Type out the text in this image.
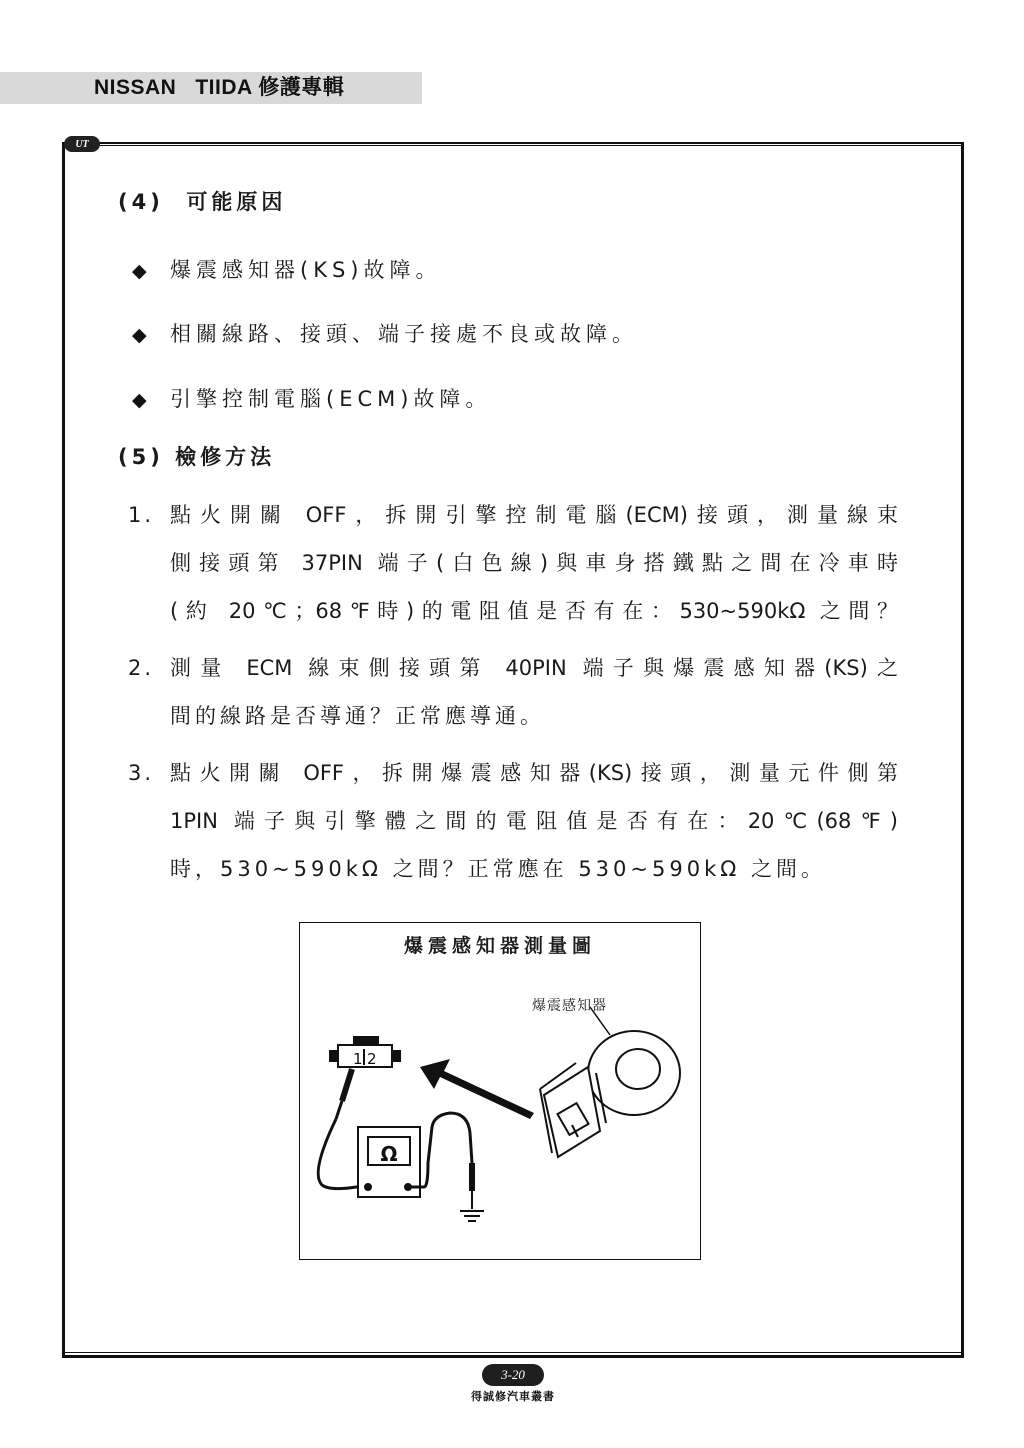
NISSAN   TIIDA 修護專輯
UT
(4)  可能原因
◆ 爆震感知器(KS)故障。
◆ 相關線路、接頭、端子接處不良或故障。
◆ 引擎控制電腦(ECM)故障。
(5) 檢修方法
1. 點火開關 OFF，拆開引擎控制電腦(ECM)接頭，測量線束
側接頭第 37PIN 端子(白色線)與車身搭鐵點之間在冷車時
(約 20℃；68℉時)的電阻值是否有在：530~590kΩ 之間？
2. 測量 ECM 線束側接頭第 40PIN 端子與爆震感知器(KS)之
間的線路是否導通？正常應導通。
3. 點火開關 OFF，拆開爆震感知器(KS)接頭，測量元件側第
1PIN 端子與引擎體之間的電阻值是否有在：20℃(68℉)
時，530~590kΩ 之間？正常應在 530~590kΩ 之間。
1 2
Ω
爆震感知器測量圖
爆震感知器
3-20
得誠修汽車叢書
